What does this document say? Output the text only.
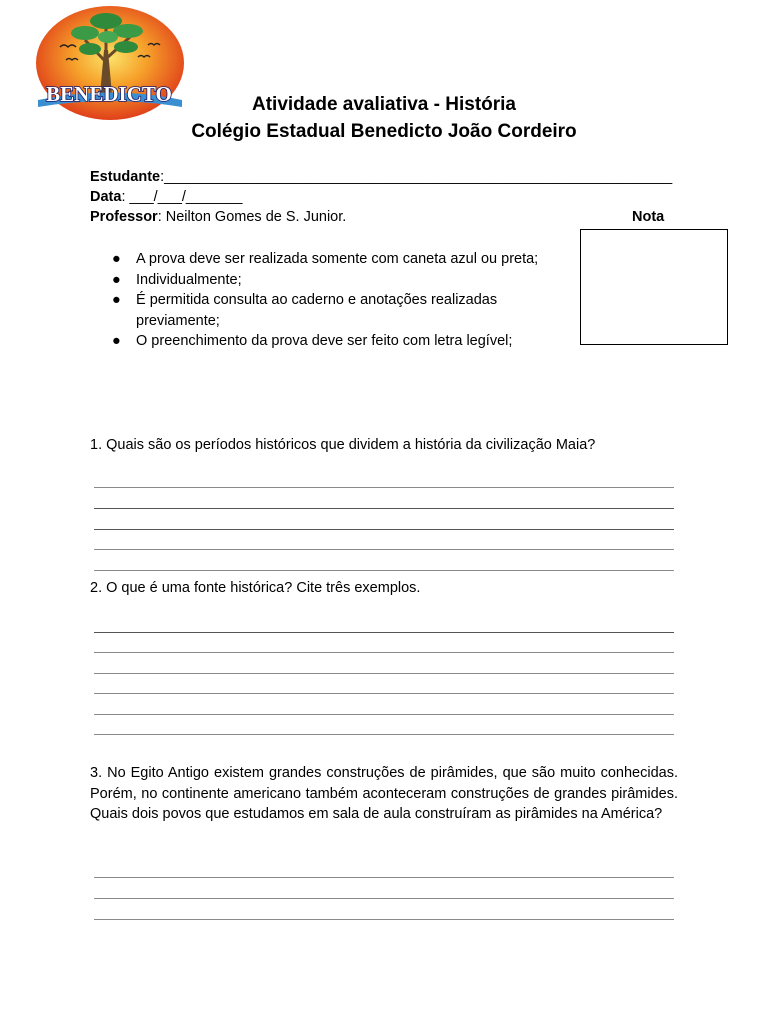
BENEDICTO	Atividade avaliativa - História
Colégio Estadual Benedicto João Cordeiro
Estudante:_______________________________________________________________
Data: ___/___/_______
Professor: Neilton Gomes de S. Junior.	Nota
● A prova deve ser realizada somente com caneta azul ou preta;
● Individualmente;
● É permitida consulta ao caderno e anotações realizadas previamente;
● O preenchimento da prova deve ser feito com letra legível;
1. Quais são os períodos históricos que dividem a história da civilização Maia?
2. O que é uma fonte histórica? Cite três exemplos.
3. No Egito Antigo existem grandes construções de pirâmides, que são muito conhecidas. Porém, no continente americano também aconteceram construções de grandes pirâmides. Quais dois povos que estudamos em sala de aula construíram as pirâmides na América?
